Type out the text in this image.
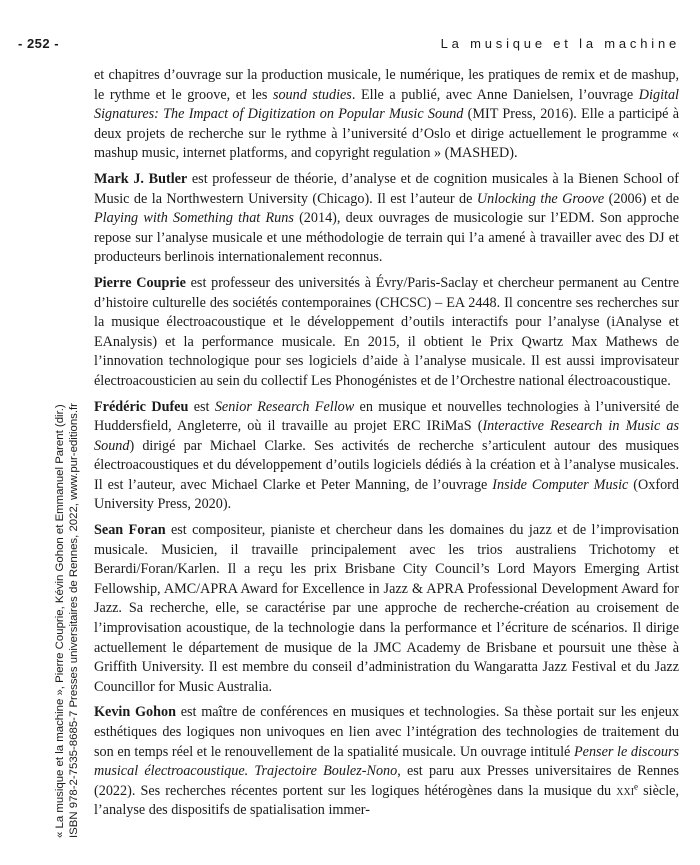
- 252 -	La musique et la machine

et chapitres d’ouvrage sur la production musicale, le numérique, les pratiques de remix et de mashup, le rythme et le groove, et les sound studies. Elle a publié, avec Anne Danielsen, l’ouvrage Digital Signatures: The Impact of Digitization on Popular Music Sound (MIT Press, 2016). Elle a participé à deux projets de recherche sur le rythme à l’université d’Oslo et dirige actuellement le programme « mashup music, internet platforms, and copyright regulation » (MASHED).

Mark J. Butler est professeur de théorie, d’analyse et de cognition musicales à la Bienen School of Music de la Northwestern University (Chicago). Il est l’auteur de Unlocking the Groove (2006) et de Playing with Something that Runs (2014), deux ouvrages de musicologie sur l’EDM. Son approche repose sur l’analyse musicale et une méthodologie de terrain qui l’a amené à travailler avec des DJ et producteurs berlinois internationalement reconnus.

Pierre Couprie est professeur des universités à Évry/Paris-Saclay et chercheur permanent au Centre d’histoire culturelle des sociétés contemporaines (CHCSC) – EA 2448. Il concentre ses recherches sur la musique électroacoustique et le développement d’outils interactifs pour l’analyse (iAnalyse et EAnalysis) et la performance musicale. En 2015, il obtient le Prix Qwartz Max Mathews de l’innovation technologique pour ses logiciels d’aide à l’analyse musicale. Il est aussi improvisateur électroacousticien au sein du collectif Les Phonogénistes et de l’Orchestre national électroacoustique.

Frédéric Dufeu est Senior Research Fellow en musique et nouvelles technologies à l’université de Huddersfield, Angleterre, où il travaille au projet ERC IRiMaS (Interactive Research in Music as Sound) dirigé par Michael Clarke. Ses activités de recherche s’articulent autour des musiques électroacoustiques et du développement d’outils logiciels dédiés à la création et à l’analyse musicales. Il est l’auteur, avec Michael Clarke et Peter Manning, de l’ouvrage Inside Computer Music (Oxford University Press, 2020).

Sean Foran est compositeur, pianiste et chercheur dans les domaines du jazz et de l’improvisation musicale. Musicien, il travaille principalement avec les trios australiens Trichotomy et Berardi/Foran/Karlen. Il a reçu les prix Brisbane City Council’s Lord Mayors Emerging Artist Fellowship, AMC/APRA Award for Excellence in Jazz & APRA Professional Development Award for Jazz. Sa recherche, elle, se caractérise par une approche de recherche-création au croisement de l’improvisation acoustique, de la technologie dans la performance et l’écriture de scénarios. Il dirige actuellement le département de musique de la JMC Academy de Brisbane et poursuit une thèse à Griffith University. Il est membre du conseil d’administration du Wangaratta Jazz Festival et du Jazz Councillor for Music Australia.

Kevin Gohon est maître de conférences en musiques et technologies. Sa thèse portait sur les enjeux esthétiques des logiques non univoques en lien avec l’intégration des technologies de traitement du son en temps réel et le renouvellement de la spatialité musicale. Un ouvrage intitulé Penser le discours musical électroacoustique. Trajectoire Boulez-Nono, est paru aux Presses universitaires de Rennes (2022). Ses recherches récentes portent sur les logiques hétérogènes dans la musique du xxi$^e$ siècle, l’analyse des dispositifs de spatialisation immer-

« La musique et la machine », Pierre Couprie, Kévin Gohon et Emmanuel Parent (dir.) ISBN 978-2-7535-8685-7 Presses universitaires de Rennes, 2022, www.pur-editions.fr
